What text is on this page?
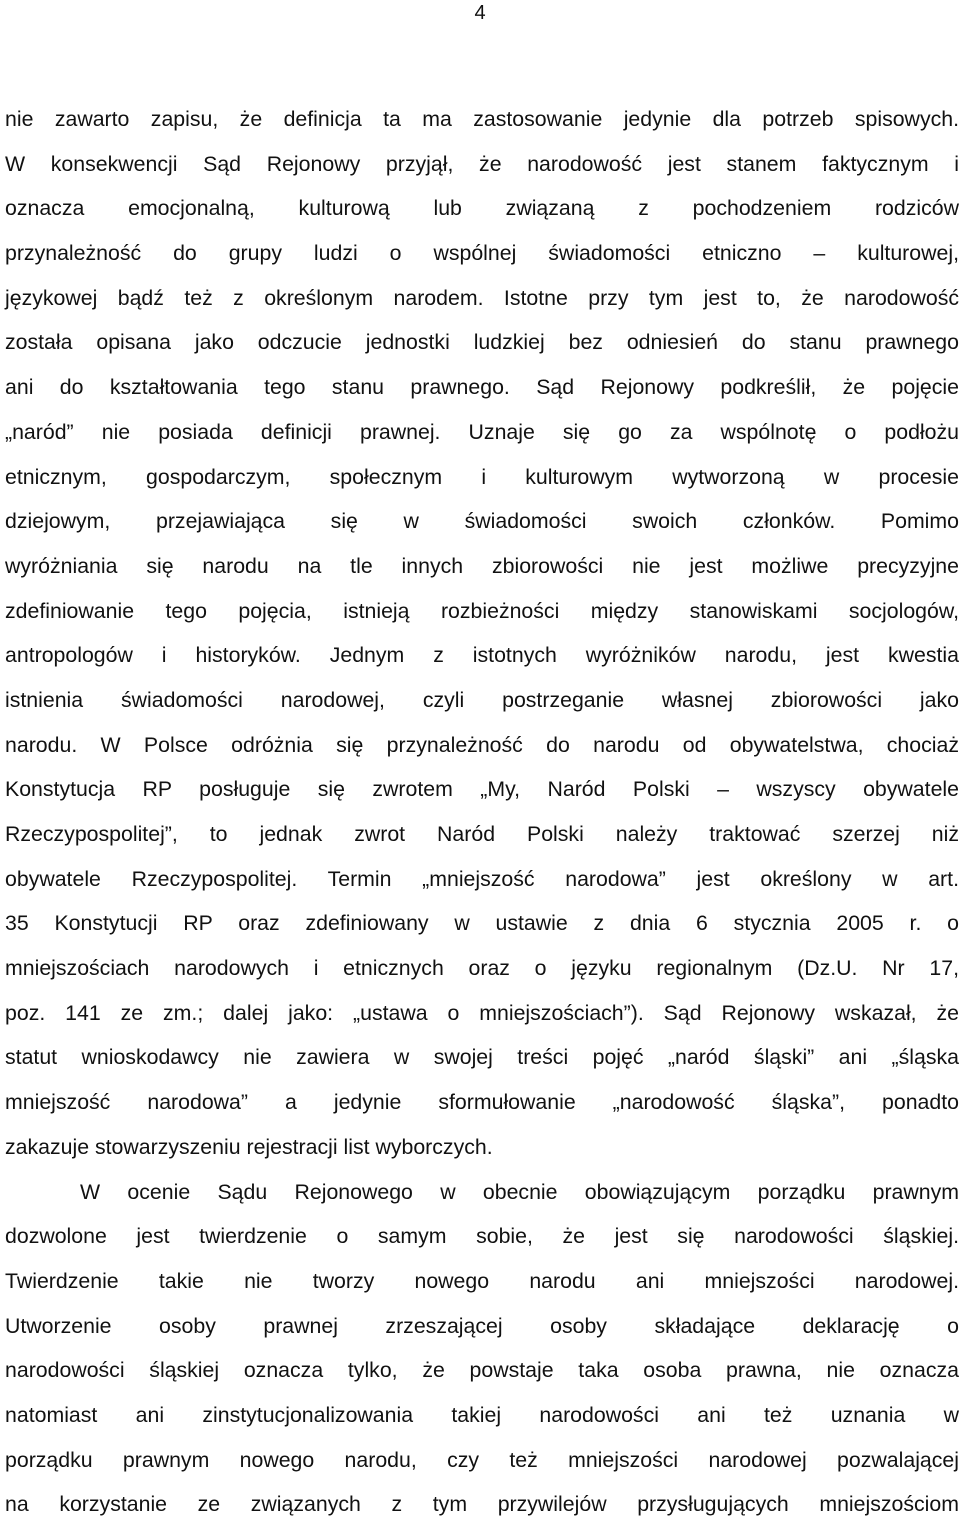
4
nie zawarto zapisu, że definicja ta ma zastosowanie jedynie dla potrzeb spisowych.
W konsekwencji Sąd Rejonowy przyjął, że narodowość jest stanem faktycznym i
oznacza emocjonalną, kulturową lub związaną z pochodzeniem rodziców
przynależność do grupy ludzi o wspólnej świadomości etniczno – kulturowej,
językowej bądź też z określonym narodem. Istotne przy tym jest to, że narodowość
została opisana jako odczucie jednostki ludzkiej bez odniesień do stanu prawnego
ani do kształtowania tego stanu prawnego. Sąd Rejonowy podkreślił, że pojęcie
„naród” nie posiada definicji prawnej. Uznaje się go za wspólnotę o podłożu
etnicznym, gospodarczym, społecznym i kulturowym wytworzoną w procesie
dziejowym, przejawiająca się w świadomości swoich członków. Pomimo
wyróżniania się narodu na tle innych zbiorowości nie jest możliwe precyzyjne
zdefiniowanie tego pojęcia, istnieją rozbieżności między stanowiskami socjologów,
antropologów i historyków. Jednym z istotnych wyróżników narodu, jest kwestia
istnienia świadomości narodowej, czyli postrzeganie własnej zbiorowości jako
narodu. W Polsce odróżnia się przynależność do narodu od obywatelstwa, chociaż
Konstytucja RP posługuje się zwrotem „My, Naród Polski – wszyscy obywatele
Rzeczypospolitej”, to jednak zwrot Naród Polski należy traktować szerzej niż
obywatele Rzeczypospolitej. Termin „mniejszość narodowa” jest określony w art.
35 Konstytucji RP oraz zdefiniowany w ustawie z dnia 6 stycznia 2005 r. o
mniejszościach narodowych i etnicznych oraz o języku regionalnym (Dz.U. Nr 17,
poz. 141 ze zm.; dalej jako: „ustawa o mniejszościach”). Sąd Rejonowy wskazał, że
statut wnioskodawcy nie zawiera w swojej treści pojęć „naród śląski” ani „śląska
mniejszość narodowa” a jedynie sformułowanie „narodowość śląska”, ponadto
zakazuje stowarzyszeniu rejestracji list wyborczych.
W ocenie Sądu Rejonowego w obecnie obowiązującym porządku prawnym
dozwolone jest twierdzenie o samym sobie, że jest się narodowości śląskiej.
Twierdzenie takie nie tworzy nowego narodu ani mniejszości narodowej.
Utworzenie osoby prawnej zrzeszającej osoby składające deklarację o
narodowości śląskiej oznacza tylko, że powstaje taka osoba prawna, nie oznacza
natomiast ani zinstytucjonalizowania takiej narodowości ani też uznania w
porządku prawnym nowego narodu, czy też mniejszości narodowej pozwalającej
na korzystanie ze związanych z tym przywilejów przysługujących mniejszościom
